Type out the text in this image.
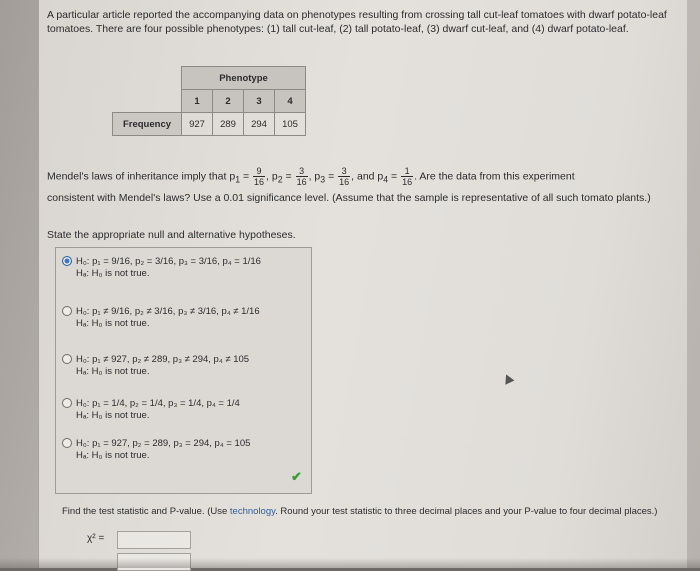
A particular article reported the accompanying data on phenotypes resulting from crossing tall cut-leaf tomatoes with dwarf potato-leaf tomatoes. There are four possible phenotypes: (1) tall cut-leaf, (2) tall potato-leaf, (3) dwarf cut-leaf, and (4) dwarf potato-leaf.
	Phenotype			
	1	2	3	4
Frequency	927	289	294	105
Mendel's laws of inheritance imply that $p_1 = \frac{9}{16}$ , $p_2 = \frac{3}{16}$ , $p_3 = \frac{3}{16}$ , and $p_4 = \frac{1}{16}$ . Are the data from this experiment
consistent with Mendel's laws? Use a 0.01 significance level. (Assume that the sample is representative of all such tomato plants.)
State the appropriate null and alternative hypotheses.
H₀: p₁ = 9/16, p₂ = 3/16, p₃ = 3/16, p₄ = 1/16
Hₐ: H₀ is not true.
H₀: p₁ ≠ 9/16, p₂ ≠ 3/16, p₃ ≠ 3/16, p₄ ≠ 1/16
Hₐ: H₀ is not true.
H₀: p₁ ≠ 927, p₂ ≠ 289, p₃ ≠ 294, p₄ ≠ 105
Hₐ: H₀ is not true.
H₀: p₁ = 1/4, p₂ = 1/4, p₃ = 1/4, p₄ = 1/4
Hₐ: H₀ is not true.
H₀: p₁ = 927, p₂ = 289, p₃ = 294, p₄ = 105
Hₐ: H₀ is not true.
✔
Find the test statistic and P-value. (Use technology. Round your test statistic to three decimal places and your P-value to four decimal places.)
χ² =
